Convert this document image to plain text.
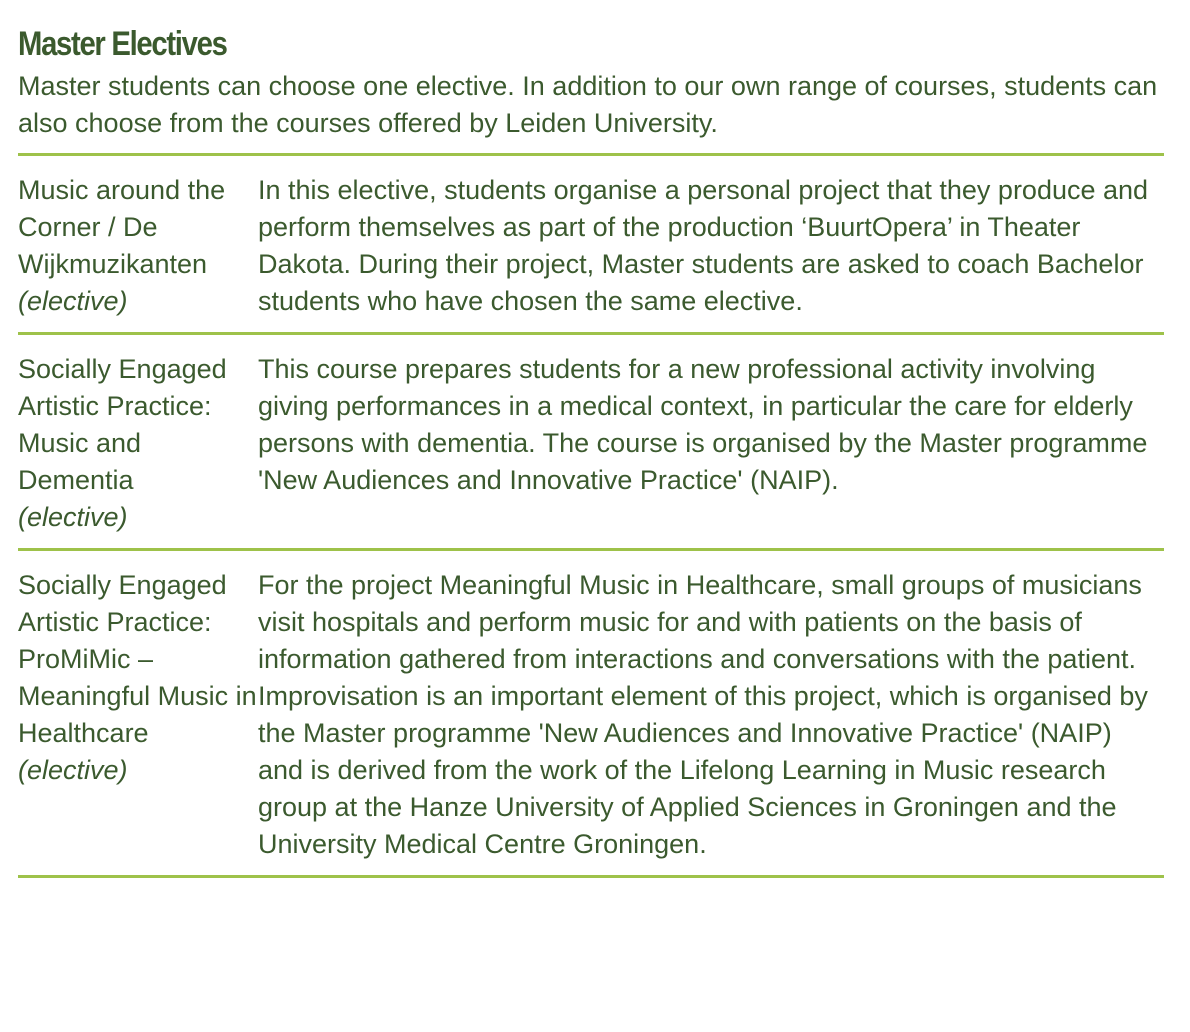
Master Electives

Master students can choose one elective. In addition to our own range of courses, students can also choose from the courses offered by Leiden University.

Music around the Corner / De Wijkmuzikanten
(elective)
In this elective, students organise a personal project that they produce and perform themselves as part of the production ‘BuurtOpera’ in Theater Dakota. During their project, Master students are asked to coach Bachelor students who have chosen the same elective.
Socially Engaged Artistic Practice: Music and Dementia
(elective)
This course prepares students for a new professional activity involving giving performances in a medical context, in particular the care for elderly persons with dementia. The course is organised by the Master programme 'New Audiences and Innovative Practice' (NAIP).
Socially Engaged Artistic Practice: ProMiMic – Meaningful Music in Healthcare
(elective)
For the project Meaningful Music in Healthcare, small groups of musicians visit hospitals and perform music for and with patients on the basis of information gathered from interactions and conversations with the patient. Improvisation is an important element of this project, which is organised by the Master programme 'New Audiences and Innovative Practice' (NAIP) and is derived from the work of the Lifelong Learning in Music research group at the Hanze University of Applied Sciences in Groningen and the University Medical Centre Groningen.
